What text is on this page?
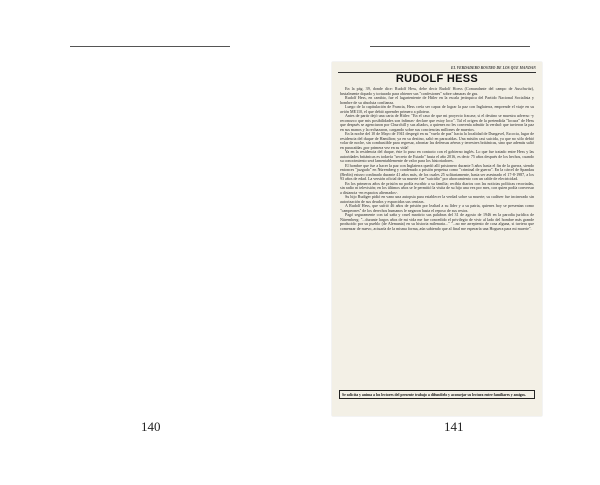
EL VERDADERO ROSTRO DE LOS QUE MANDAN
RUDOLF HESS

En la pág. 39, donde dice: Rudolf Hess, debe decir Rudolf Hoess (Comandante del campo de Auschwitz), brutalmente dopado y torturado para obtener sus "confesiones" sobre cámaras de gas.

Rudolf Hess, en cambio, fue el lugarteniente de Hitler en la escala jerárquica del Partido Nacional Socialista y hombre de su absoluta confianza.

Luego de la capitulación de Francia, Hess creía ser capaz de lograr la paz con Inglaterra, emprende el viaje en su avión ME110, el que debió aprender primero a pilotear.

Antes de partir dejó una carta de Hitler: "En el caso de que mi proyecto fracase, si el destino se muestra adverso -y reconozco que mis posibilidades son ínfimas- declare que estoy loco". Tal el origen de la pretendida "locura" de Hess que después se agenciaron por Churchill y sus aliados, a quienes no les convenía admitir la verdad: que tuvieron la paz en sus manos y la rechazaron, cargando sobre sus conciencias millones de muertos.

En la noche del 10 de Mayo de 1941 despegó en su "vuelo de paz" hacia la localidad de Dungavel, Escocia, lugar de residencia del duque de Hamilton; ya en su destino, saltó en paracaídas. Una misión casi suicida, ya que no sólo debió volar de noche, sin combustible para regresar, afrontar las defensas aéreas y terrestres británicas, sino que además saltó en paracaídas ¡por primera vez en su vida!

Ya en la residencia del duque, éste lo puso en contacto con el gobierno inglés. Lo que fue tratado entre Hess y las autoridades británicas es todavía "secreto de Estado" hasta el año 2016, es decir 75 años después de los hechos, cuando su conocimiento será lamentablemente de valor para los historiadores.

El hombre que fue a hacer la paz con Inglaterra quedó allí prisionero durante 5 años hasta el fin de la guerra, siendo entonces "juzgado" en Nüremberg y condenado a prisión perpetua como "criminal de guerra". En la cárcel de Spandau (Berlín) estuvo confinado durante 41 años más, de los cuales 25 solitariamente, hasta ser asesinado el 17-8-1987, a los 93 años de edad. La versión oficial de su muerte fue "suicidio" por ahorcamiento con un cable de electricidad.

En los primeros años de prisión no podía escribir a su familia; recibía diarios con las noticias políticas recortadas, sin radio ni televisión; en los últimos años se le permitió la visita de su hijo una vez por mes, con quien podía conversar a distancia -en espacios alternados-.

Su hijo Rudiger pidió en vano una autopsia para establecer la verdad sobre su muerte; su cadáver fue incinerado sin autorización de sus deudos y esparcidas sus cenizas.

A Rudolf Hess, que sufrió 46 años de prisión por lealtad a su líder y a su patria, quienes hoy se presentan como "campeones" de los derechos humanos le negaron hasta el reposo de sus restos.

Pagó seguramente con tal saña y cruel martirio sus palabras del 31 de agosto de 1946 en la parodia jurídica de Nüremberg: "...durante largos años de mi vida me fue concedido el privilegio de vivir al lado del hombre más grande producido por su pueblo (de Alemania) en su historia milenaria..." "...no me arrepiento de cosa alguna, si tuviera que comenzar de nuevo, actuaría de la misma forma, aún sabiendo que al final me esperaría una Hoguera para mi muerte".

Se solicita y anima a los lectores del presente trabajo a difundirlo y aconsejar su lectura entre familiares y amigos.
140	141
